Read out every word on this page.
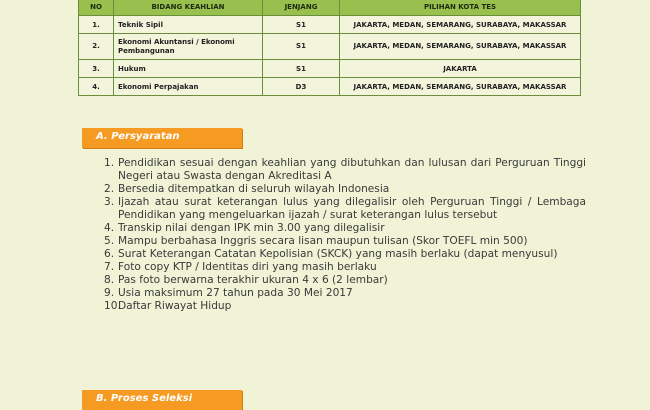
NO	BIDANG KEAHLIAN	JENJANG	PILIHAN KOTA TES
1.	Teknik Sipil	S1	JAKARTA, MEDAN, SEMARANG, SURABAYA, MAKASSAR
2.	Ekonomi Akuntansi / Ekonomi Pembangunan	S1	JAKARTA, MEDAN, SEMARANG, SURABAYA, MAKASSAR
3.	Hukum	S1	JAKARTA
4.	Ekonomi Perpajakan	D3	JAKARTA, MEDAN, SEMARANG, SURABAYA, MAKASSAR
A. Persyaratan
1. Pendidikan sesuai dengan keahlian yang dibutuhkan dan lulusan dari Perguruan Tinggi Negeri atau Swasta dengan Akreditasi A
2. Bersedia ditempatkan di seluruh wilayah Indonesia
3. Ijazah atau surat keterangan lulus yang dilegalisir oleh Perguruan Tinggi / Lembaga Pendidikan yang mengeluarkan ijazah / surat keterangan lulus tersebut
4. Transkip nilai dengan IPK min 3.00 yang dilegalisir
5. Mampu berbahasa Inggris secara lisan maupun tulisan (Skor TOEFL min 500)
6. Surat Keterangan Catatan Kepolisian (SKCK) yang masih berlaku (dapat menyusul)
7. Foto copy KTP / Identitas diri yang masih berlaku
8. Pas foto berwarna terakhir ukuran 4 x 6 (2 lembar)
9. Usia maksimum 27 tahun pada 30 Mei 2017
10.
Daftar Riwayat Hidup
B. Proses Seleksi
